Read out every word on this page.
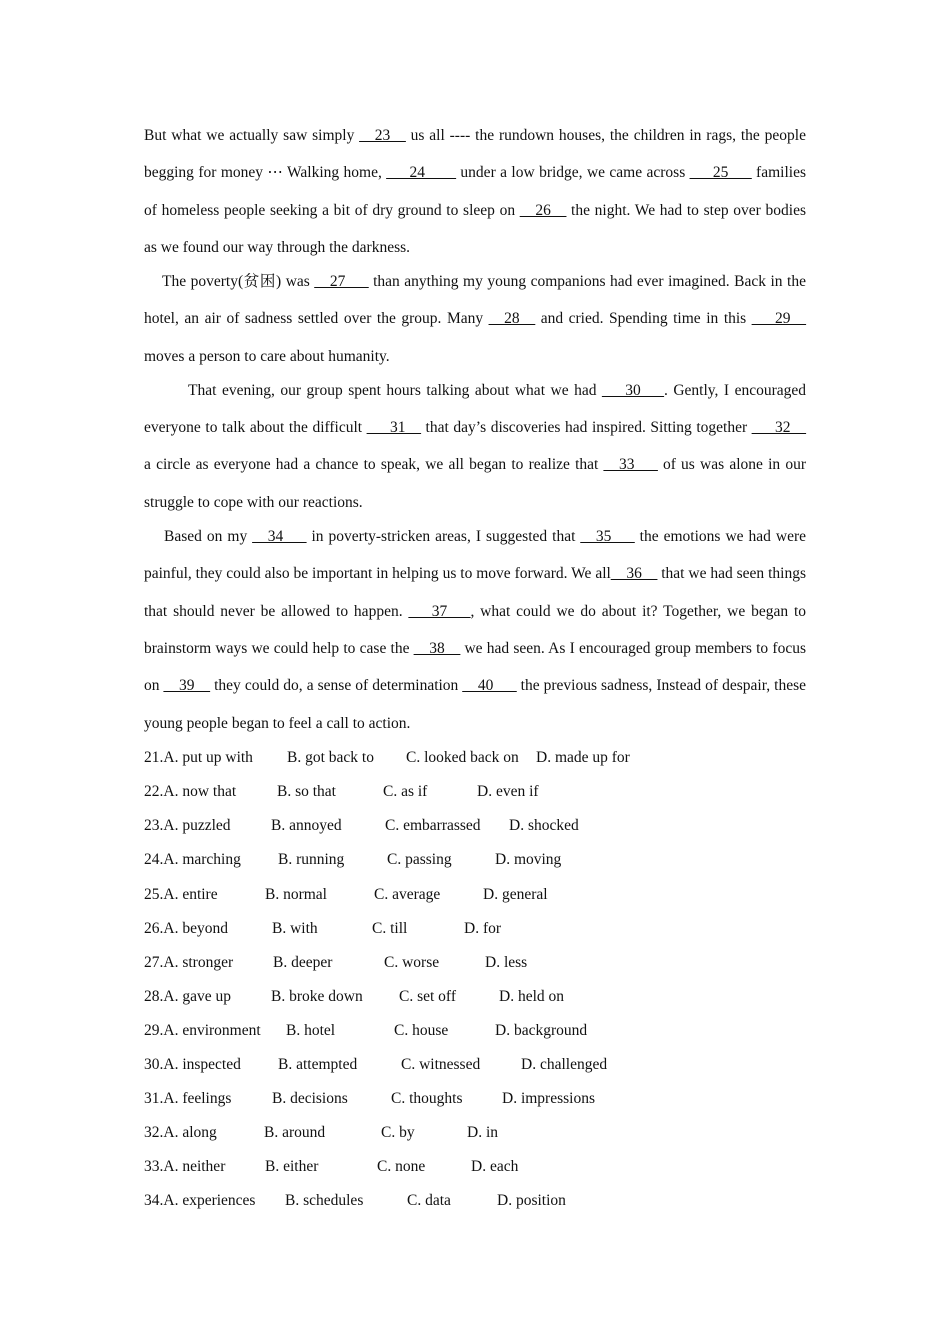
But what we actually saw simply __23__ us all ---- the rundown houses, the children in rags, the people begging for money ⋯ Walking home, ___24____ under a low bridge, we came across ___25___ families of homeless people seeking a bit of dry ground to sleep on __26__ the night. We had to step over bodies as we found our way through the darkness.

The poverty(贫困) was __27___ than anything my young companions had ever imagined. Back in the hotel, an air of sadness settled over the group. Many __28__ and cried. Spending time in this ___29__ moves a person to care about humanity.

That evening, our group spent hours talking about what we had ___30___. Gently, I encouraged everyone to talk about the difficult ___31__ that day’s discoveries had inspired. Sitting together ___32__ a circle as everyone had a chance to speak, we all began to realize that __33___ of us was alone in our struggle to cope with our reactions.

Based on my __34___ in poverty-stricken areas, I suggested that __35___ the emotions we had were painful, they could also be important in helping us to move forward. We all__36__ that we had seen things that should never be allowed to happen. ___37___, what could we do about it? Together, we began to brainstorm ways we could help to case the __38__ we had seen. As I encouraged group members to focus on __39__ they could do, a sense of determination __40___ the previous sadness, Instead of despair, these young people began to feel a call to action.

21.A. put up with B. got back to C. looked back on D. made up for
22.A. now that	B. so that	C. as if	D. even if
23.A. puzzled	B. annoyed	C. embarrassed D. shocked
24.A. marching B. running	C. passing	D. moving
25.A. entire	B. normal	C. average	D. general
26.A. beyond	B. with	C. till	D. for
27.A. stronger	B. deeper	C. worse	D. less
28.A. gave up	B. broke down C. set off	D. held on
29.A. environment B. hotel	C. house	D. background
30.A. inspected B. attempted	C. witnessed	D. challenged
31.A. feelings	B. decisions	C. thoughts	D. impressions
32.A. along	B. around	C. by	D. in
33.A. neither	B. either	C. none	D. each
34.A. experiences B. schedules	C. data	D. position
